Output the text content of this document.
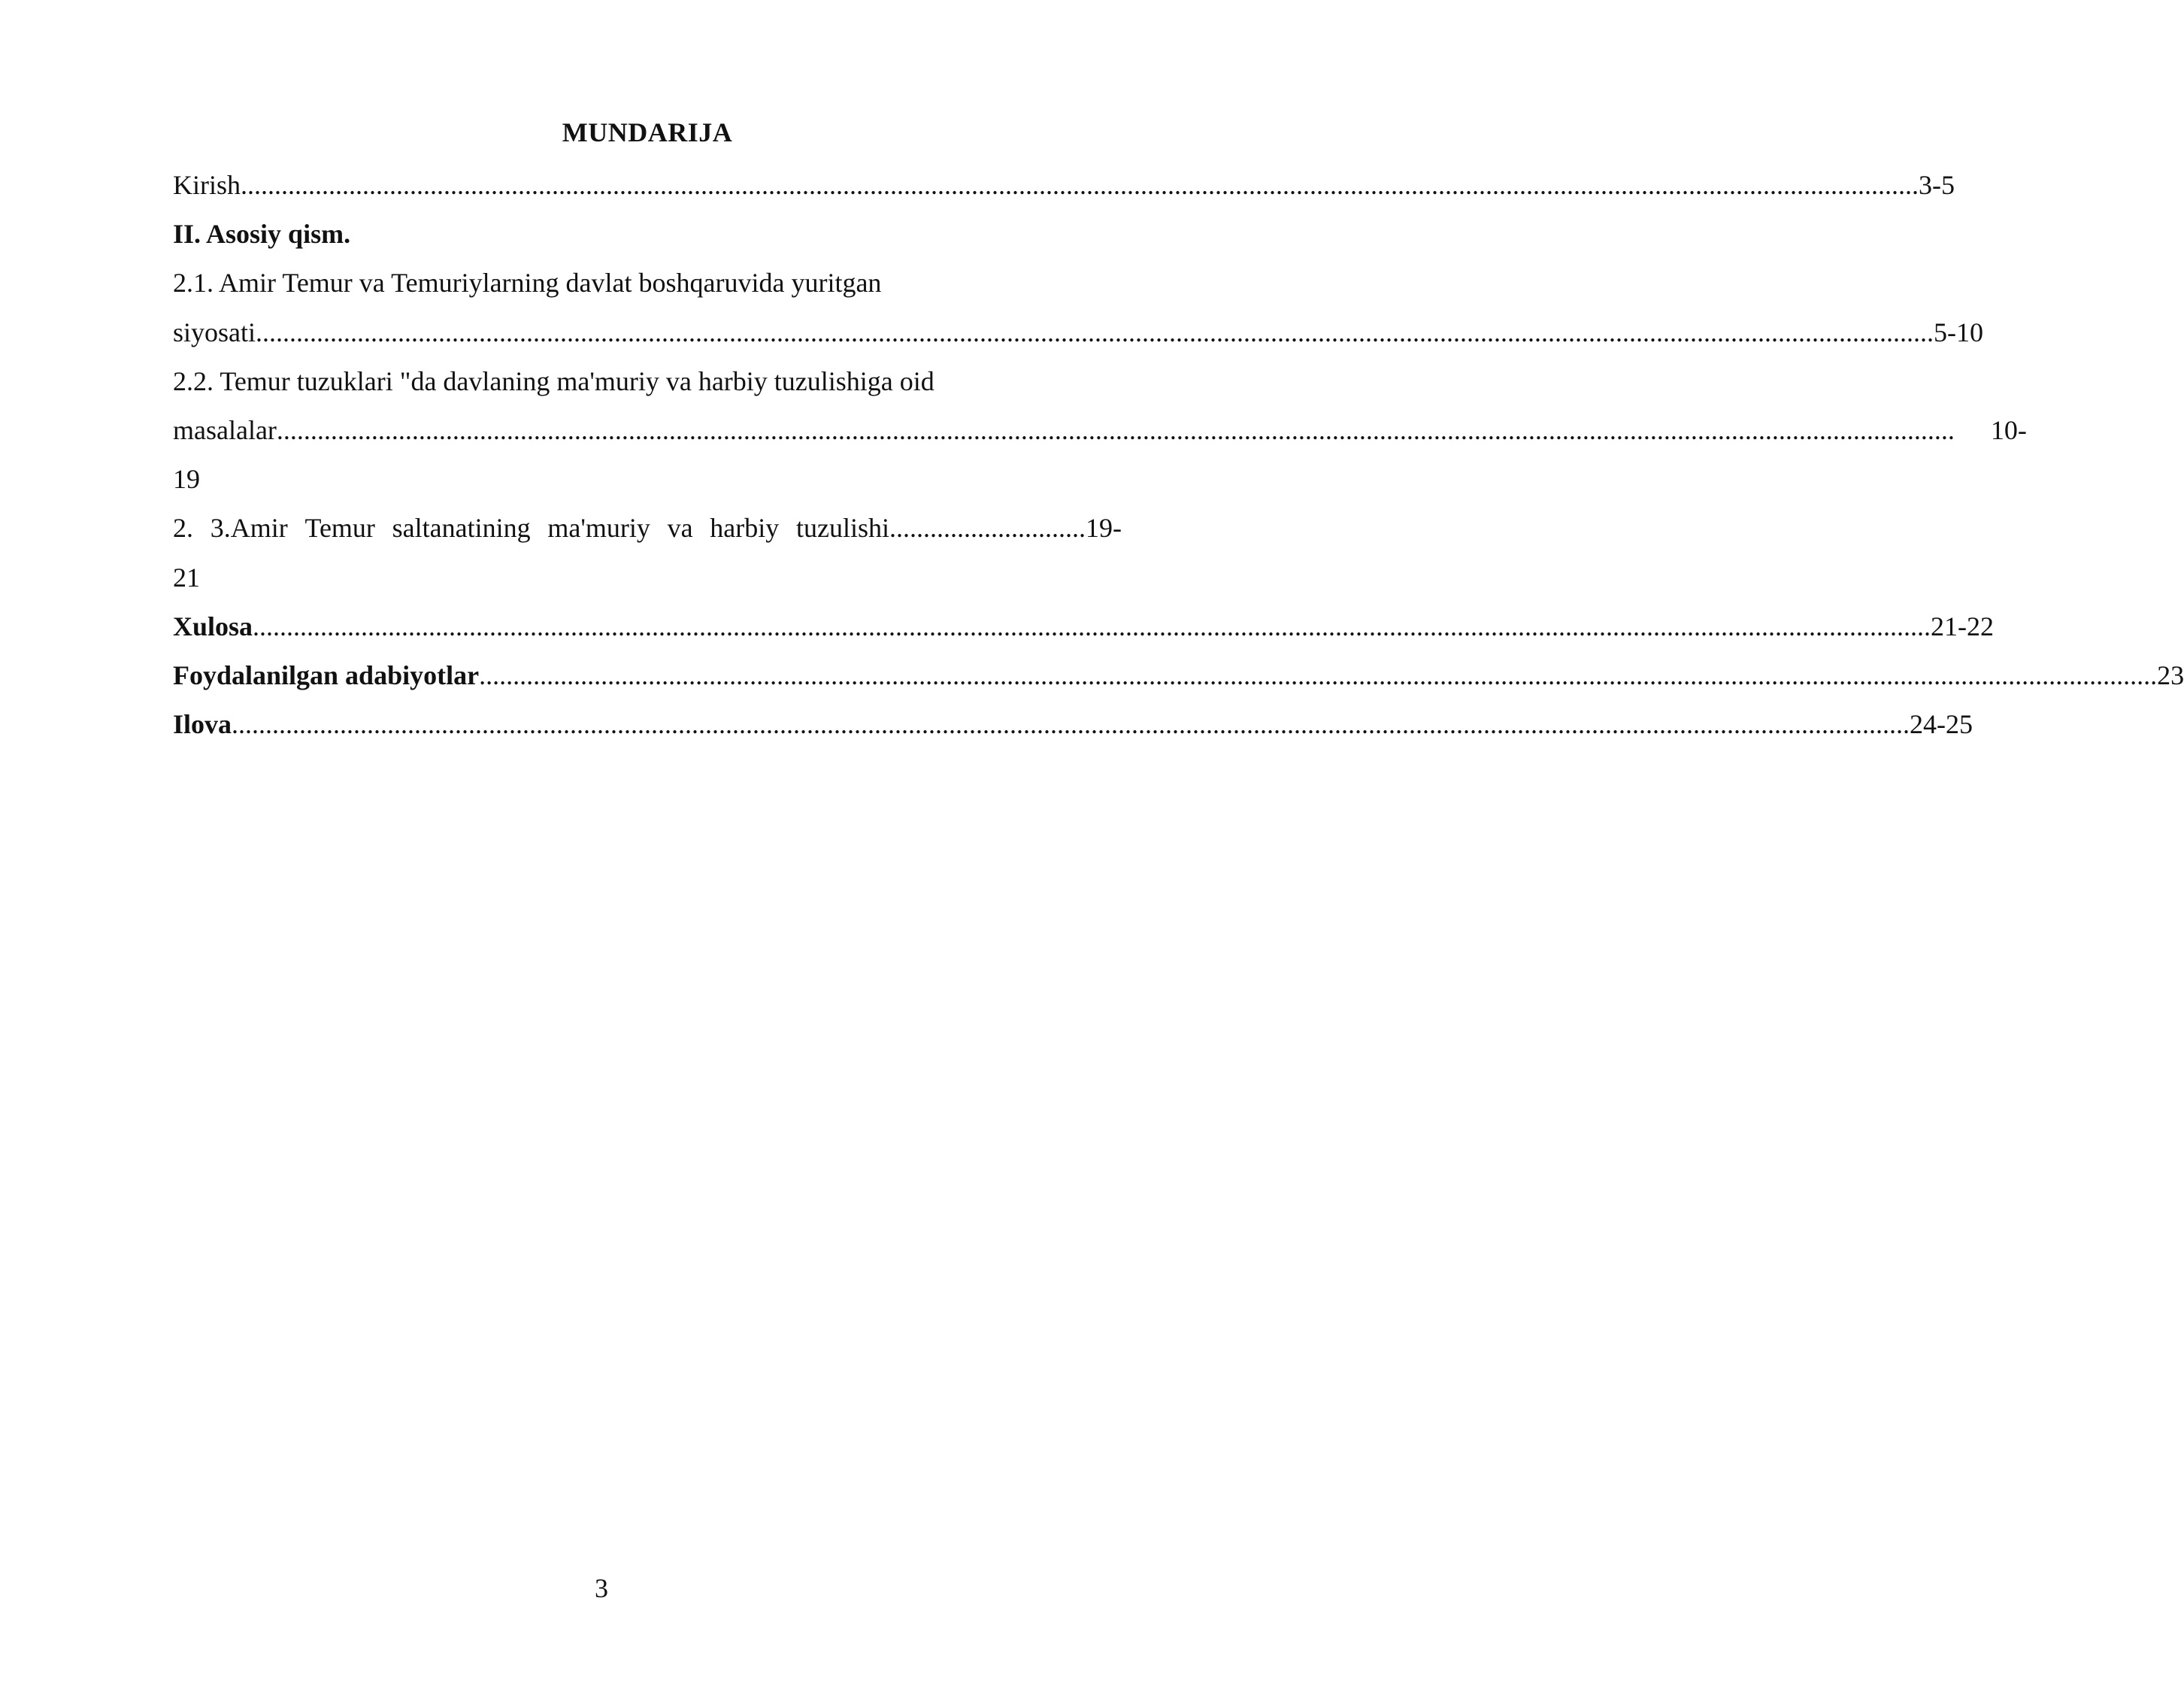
MUNDARIJA
Kirish ........................................................................................................................................................................................................................................................ 3-5
II. Asosiy qism.
2.1. Amir Temur va Temuriylarning davlat boshqaruvida yuritgan
siyosati ........................................................................................................................................................................................................................................................ 5-10
2.2. Temur tuzuklari "da davlaning ma'muriy va harbiy tuzulishiga oid
masalalar ........................................................................................................................................................................................................................................................	10-
19
2. 3.Amir Temur saltanatining ma'muriy va harbiy tuzulishi ............................. 19-
21
Xulosa ........................................................................................................................................................................................................................................................ 21-22
Foydalanilgan adabiyotlar ........................................................................................................................................................................................................................................................ 23
Ilova ........................................................................................................................................................................................................................................................ 24-25
3
